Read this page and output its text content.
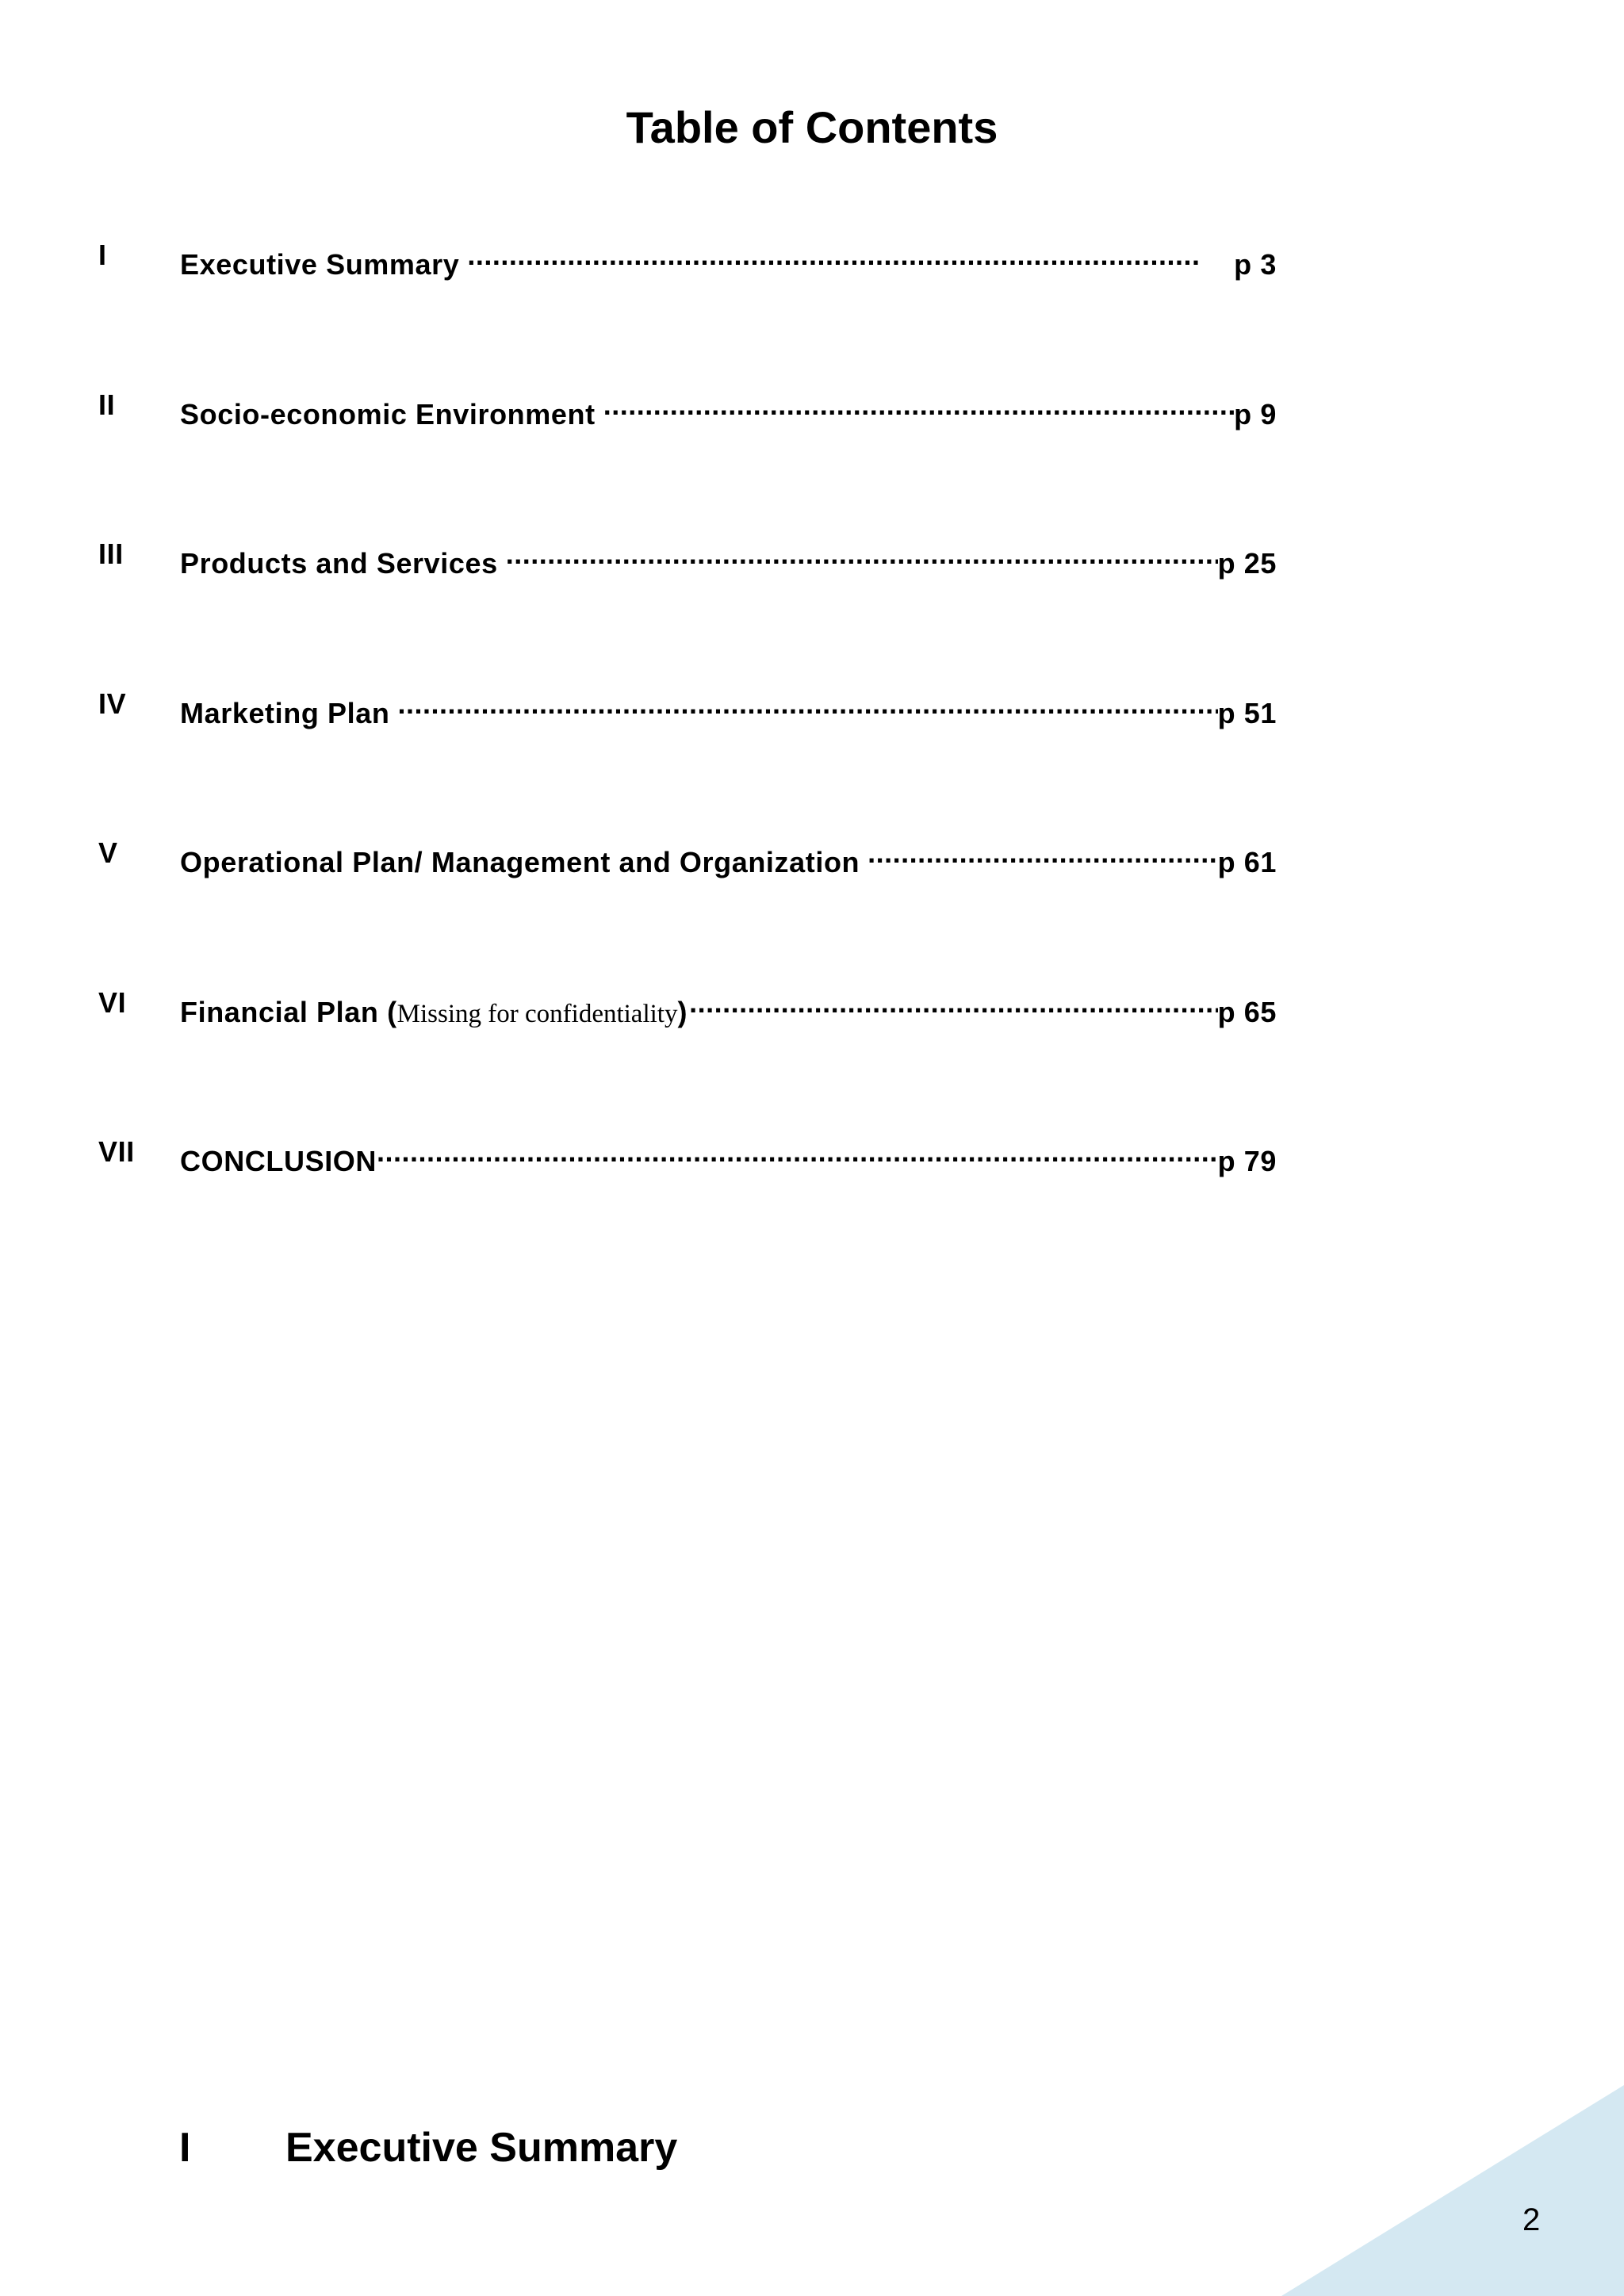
Table of Contents
I	Executive Summary .....	p 3
II Socio-economic Environment .....	p 9
III Products and Services .....	p 25
IV Marketing Plan .....	p 51
V Operational Plan/ Management and Organization .....	p 61
VI Financial Plan (Missing for confidentiality) .....	p 65
VII CONCLUSION .....	p 79
I Executive Summary
2
